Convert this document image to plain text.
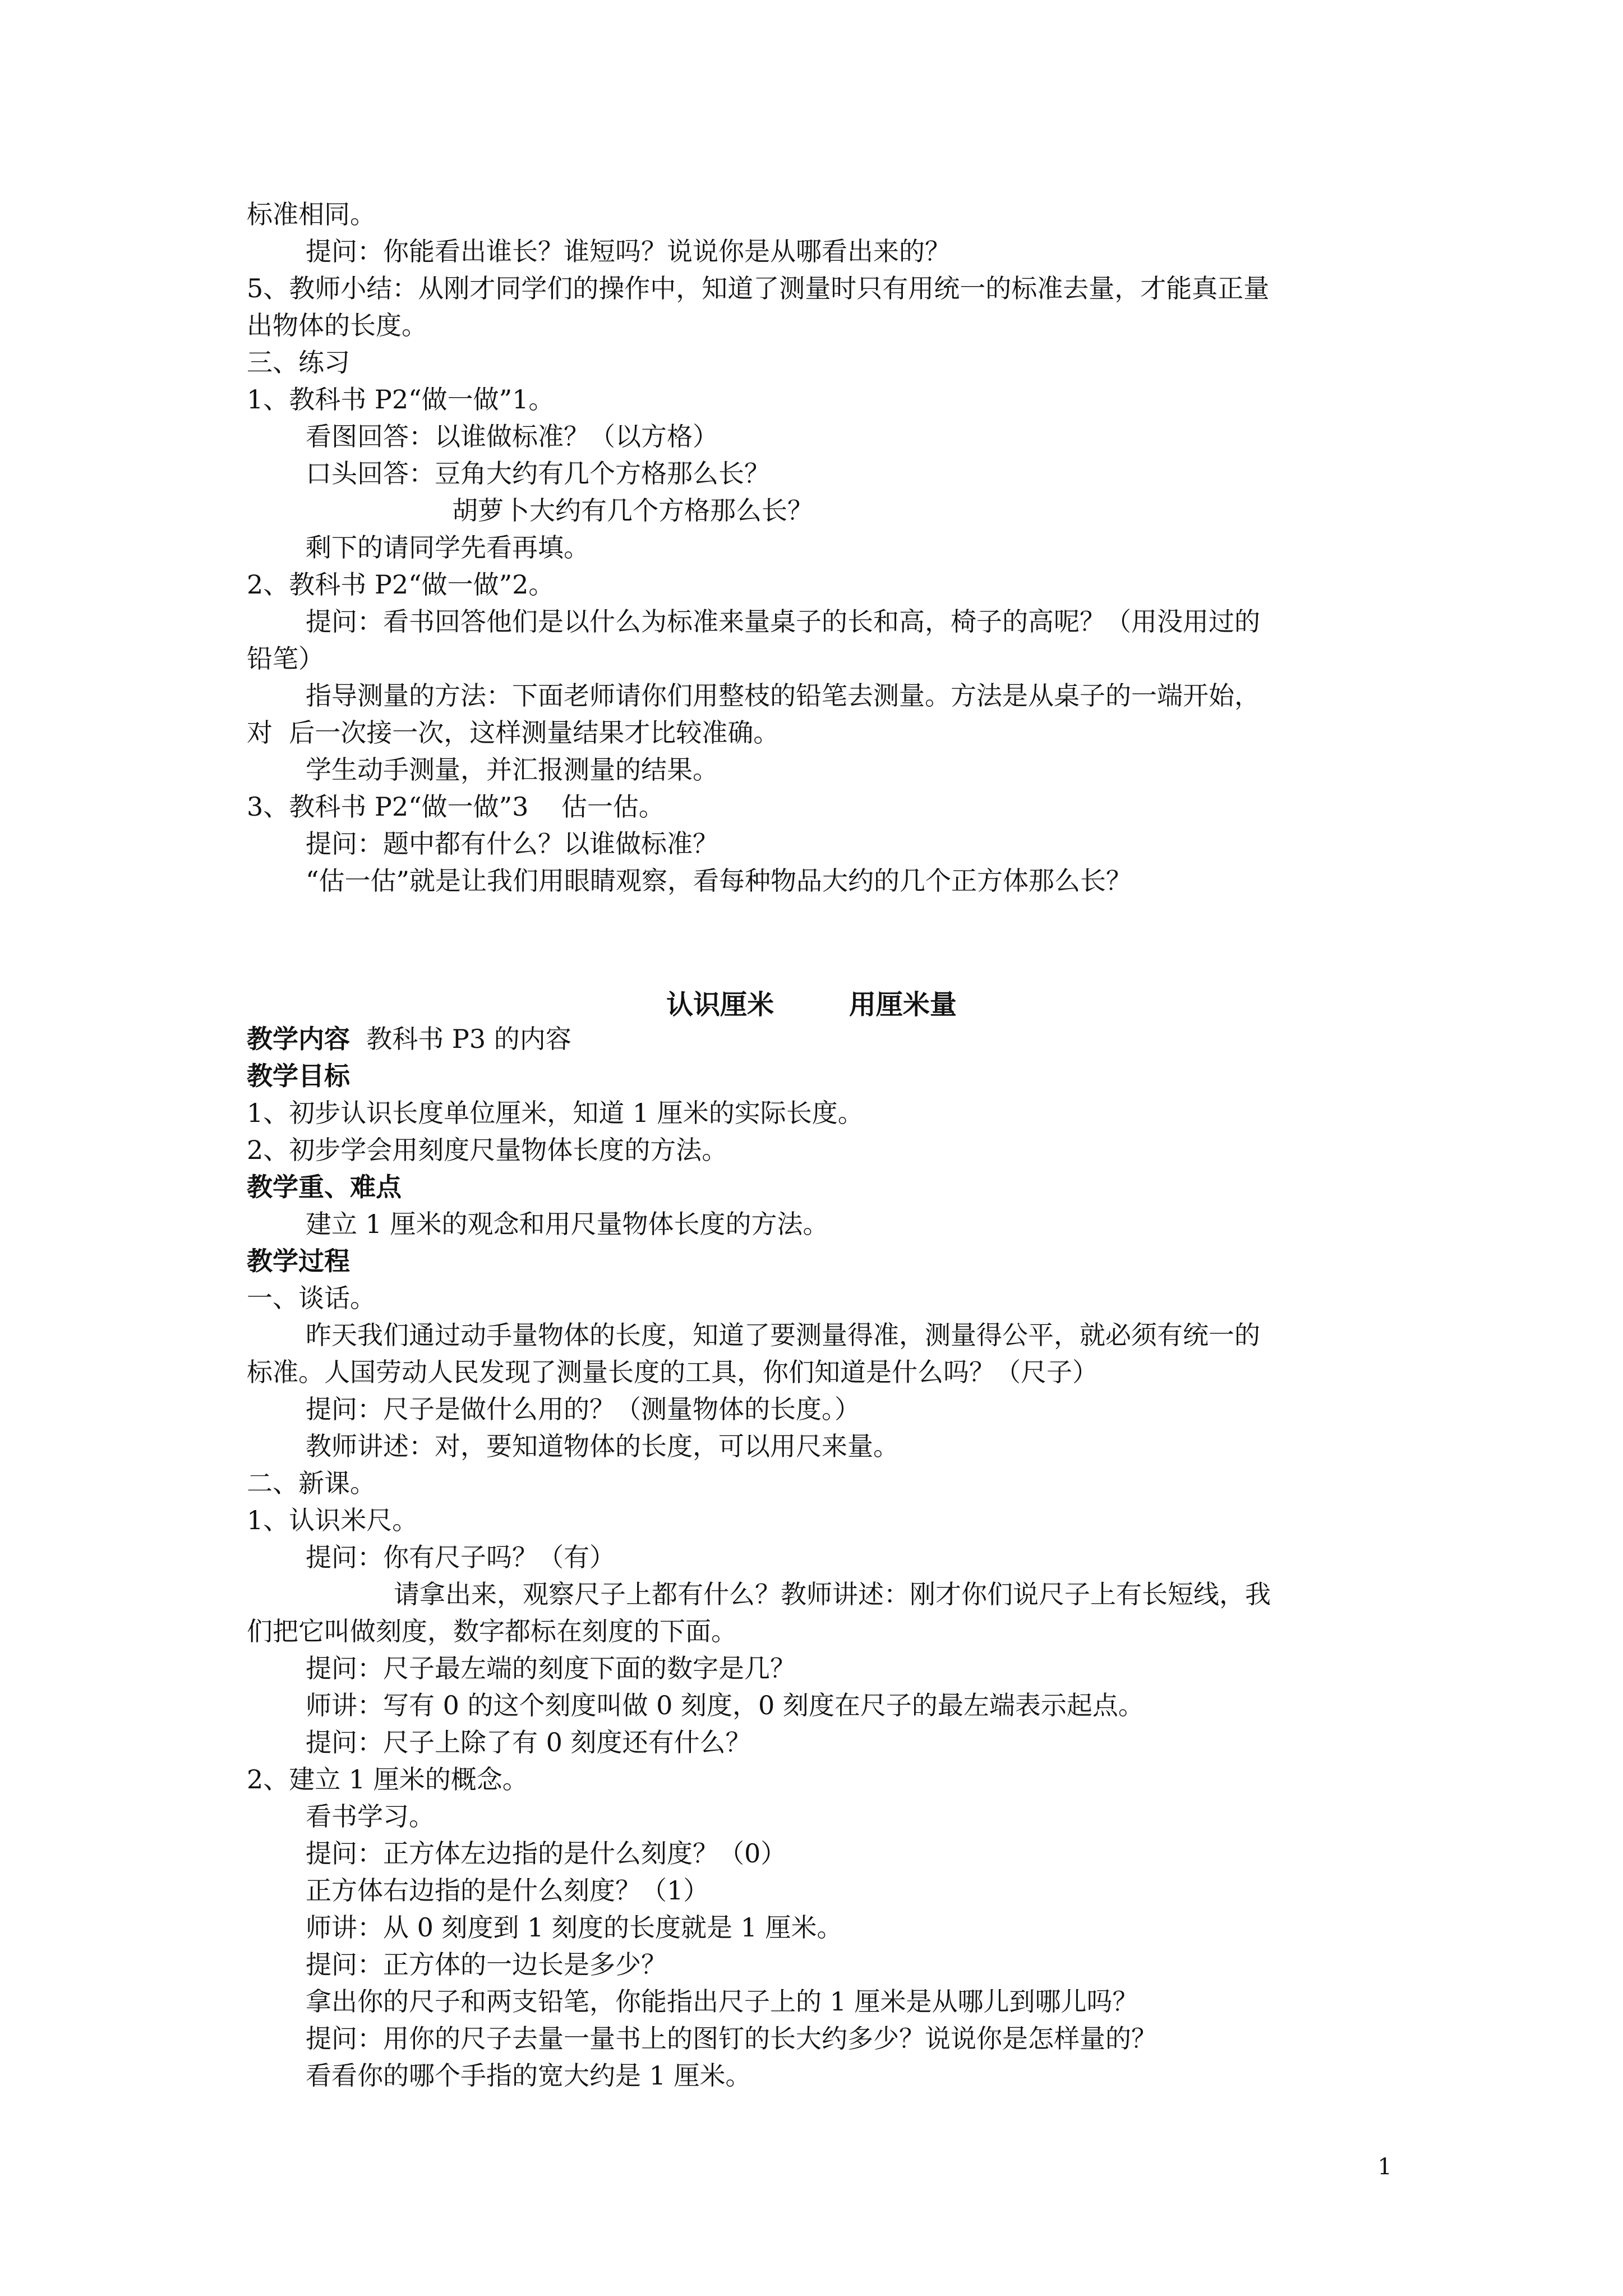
标准相同。

提问：你能看出谁长？谁短吗？说说你是从哪看出来的？

5、教师小结：从刚才同学们的操作中，知道了测量时只有用统一的标准去量，才能真正量

出物体的长度。

三、练习

1、教科书 P2“做一做”1。

看图回答：以谁做标准？（以方格）

口头回答：豆角大约有几个方格那么长？

胡萝卜大约有几个方格那么长？

剩下的请同学先看再填。

2、教科书 P2“做一做”2。

提问：看书回答他们是以什么为标准来量桌子的长和高，椅子的高呢？（用没用过的

铅笔）

指导测量的方法：下面老师请你们用整枝的铅笔去测量。方法是从桌子的一端开始，

对  后一次接一次，这样测量结果才比较准确。

学生动手测量，并汇报测量的结果。

3、教科书 P2“做一做”3    估一估。

提问：题中都有什么？以谁做标准？

“估一估”就是让我们用眼睛观察，看每种物品大约的几个正方体那么长？

认识厘米        用厘米量

教学内容  教科书 P3 的内容

教学目标

1、初步认识长度单位厘米，知道 1 厘米的实际长度。

2、初步学会用刻度尺量物体长度的方法。

教学重、难点

建立 1 厘米的观念和用尺量物体长度的方法。

教学过程

一、谈话。

昨天我们通过动手量物体的长度，知道了要测量得准，测量得公平，就必须有统一的

标准。人国劳动人民发现了测量长度的工具，你们知道是什么吗？（尺子）

提问：尺子是做什么用的？（测量物体的长度。）

教师讲述：对，要知道物体的长度，可以用尺来量。

二、新课。

1、认识米尺。

提问：你有尺子吗？（有）

请拿出来，观察尺子上都有什么？教师讲述：刚才你们说尺子上有长短线，我

们把它叫做刻度，数字都标在刻度的下面。

提问：尺子最左端的刻度下面的数字是几？

师讲：写有 0 的这个刻度叫做 0 刻度，0 刻度在尺子的最左端表示起点。

提问：尺子上除了有 0 刻度还有什么？

2、建立 1 厘米的概念。

看书学习。

提问：正方体左边指的是什么刻度？（0）

正方体右边指的是什么刻度？（1）

师讲：从 0 刻度到 1 刻度的长度就是 1 厘米。

提问：正方体的一边长是多少？

拿出你的尺子和两支铅笔，你能指出尺子上的 1 厘米是从哪儿到哪儿吗？

提问：用你的尺子去量一量书上的图钉的长大约多少？说说你是怎样量的？

看看你的哪个手指的宽大约是 1 厘米。

1
